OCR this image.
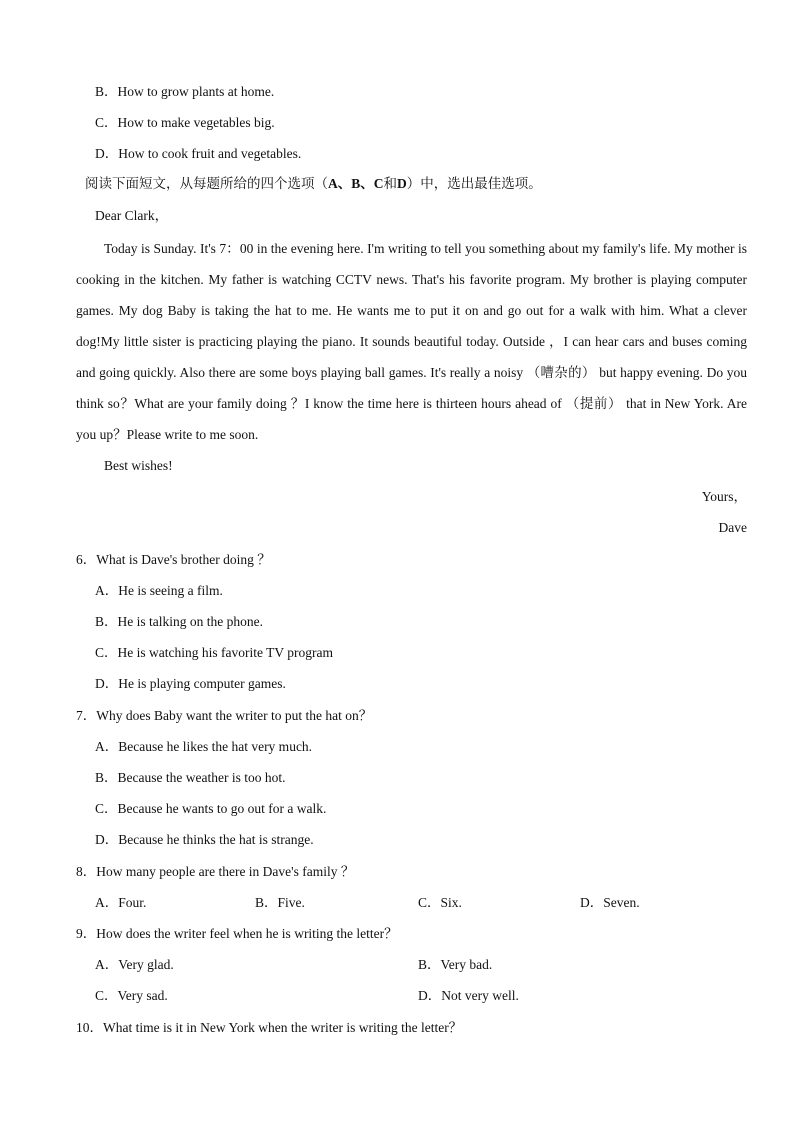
B．How to grow plants at home.
C．How to make vegetables big.
D．How to cook fruit and vegetables.
阅读下面短文，从每题所给的四个选项（A、B、C和D）中，选出最佳选项。
Dear Clark，
Today is Sunday. It's 7：00 in the evening here. I'm writing to tell you something about my family's life. My mother is cooking in the kitchen. My father is watching CCTV news. That's his favorite program. My brother is playing computer games. My dog Baby is taking the hat to me. He wants me to put it on and go out for a walk with him. What a clever dog!My little sister is practicing playing the piano. It sounds beautiful today. Outside ，I can hear cars and buses coming and going quickly. Also there are some boys playing ball games. It's really a noisy （嘈杂的） but happy evening. Do you think so？What are your family doing ？I know the time here is thirteen hours ahead of （提前） that in New York. Are you up？Please write to me soon.
Best wishes!
Yours，
Dave
6．What is Dave's brother doing ？
A．He is seeing a film.
B．He is talking on the phone.
C．He is watching his favorite TV program
D．He is playing computer games.
7．Why does Baby want the writer to put the hat on？
A．Because he likes the hat very much.
B．Because the weather is too hot.
C．Because he wants to go out for a walk.
D．Because he thinks the hat is strange.
8．How many people are there in Dave's family ？
A．Four.	B．Five.	C．Six.	D．Seven.
9．How does the writer feel when he is writing the letter？
A．Very glad.	B．Very bad.
C．Very sad.	D．Not very well.
10．What time is it in New York when the writer is writing the letter？
